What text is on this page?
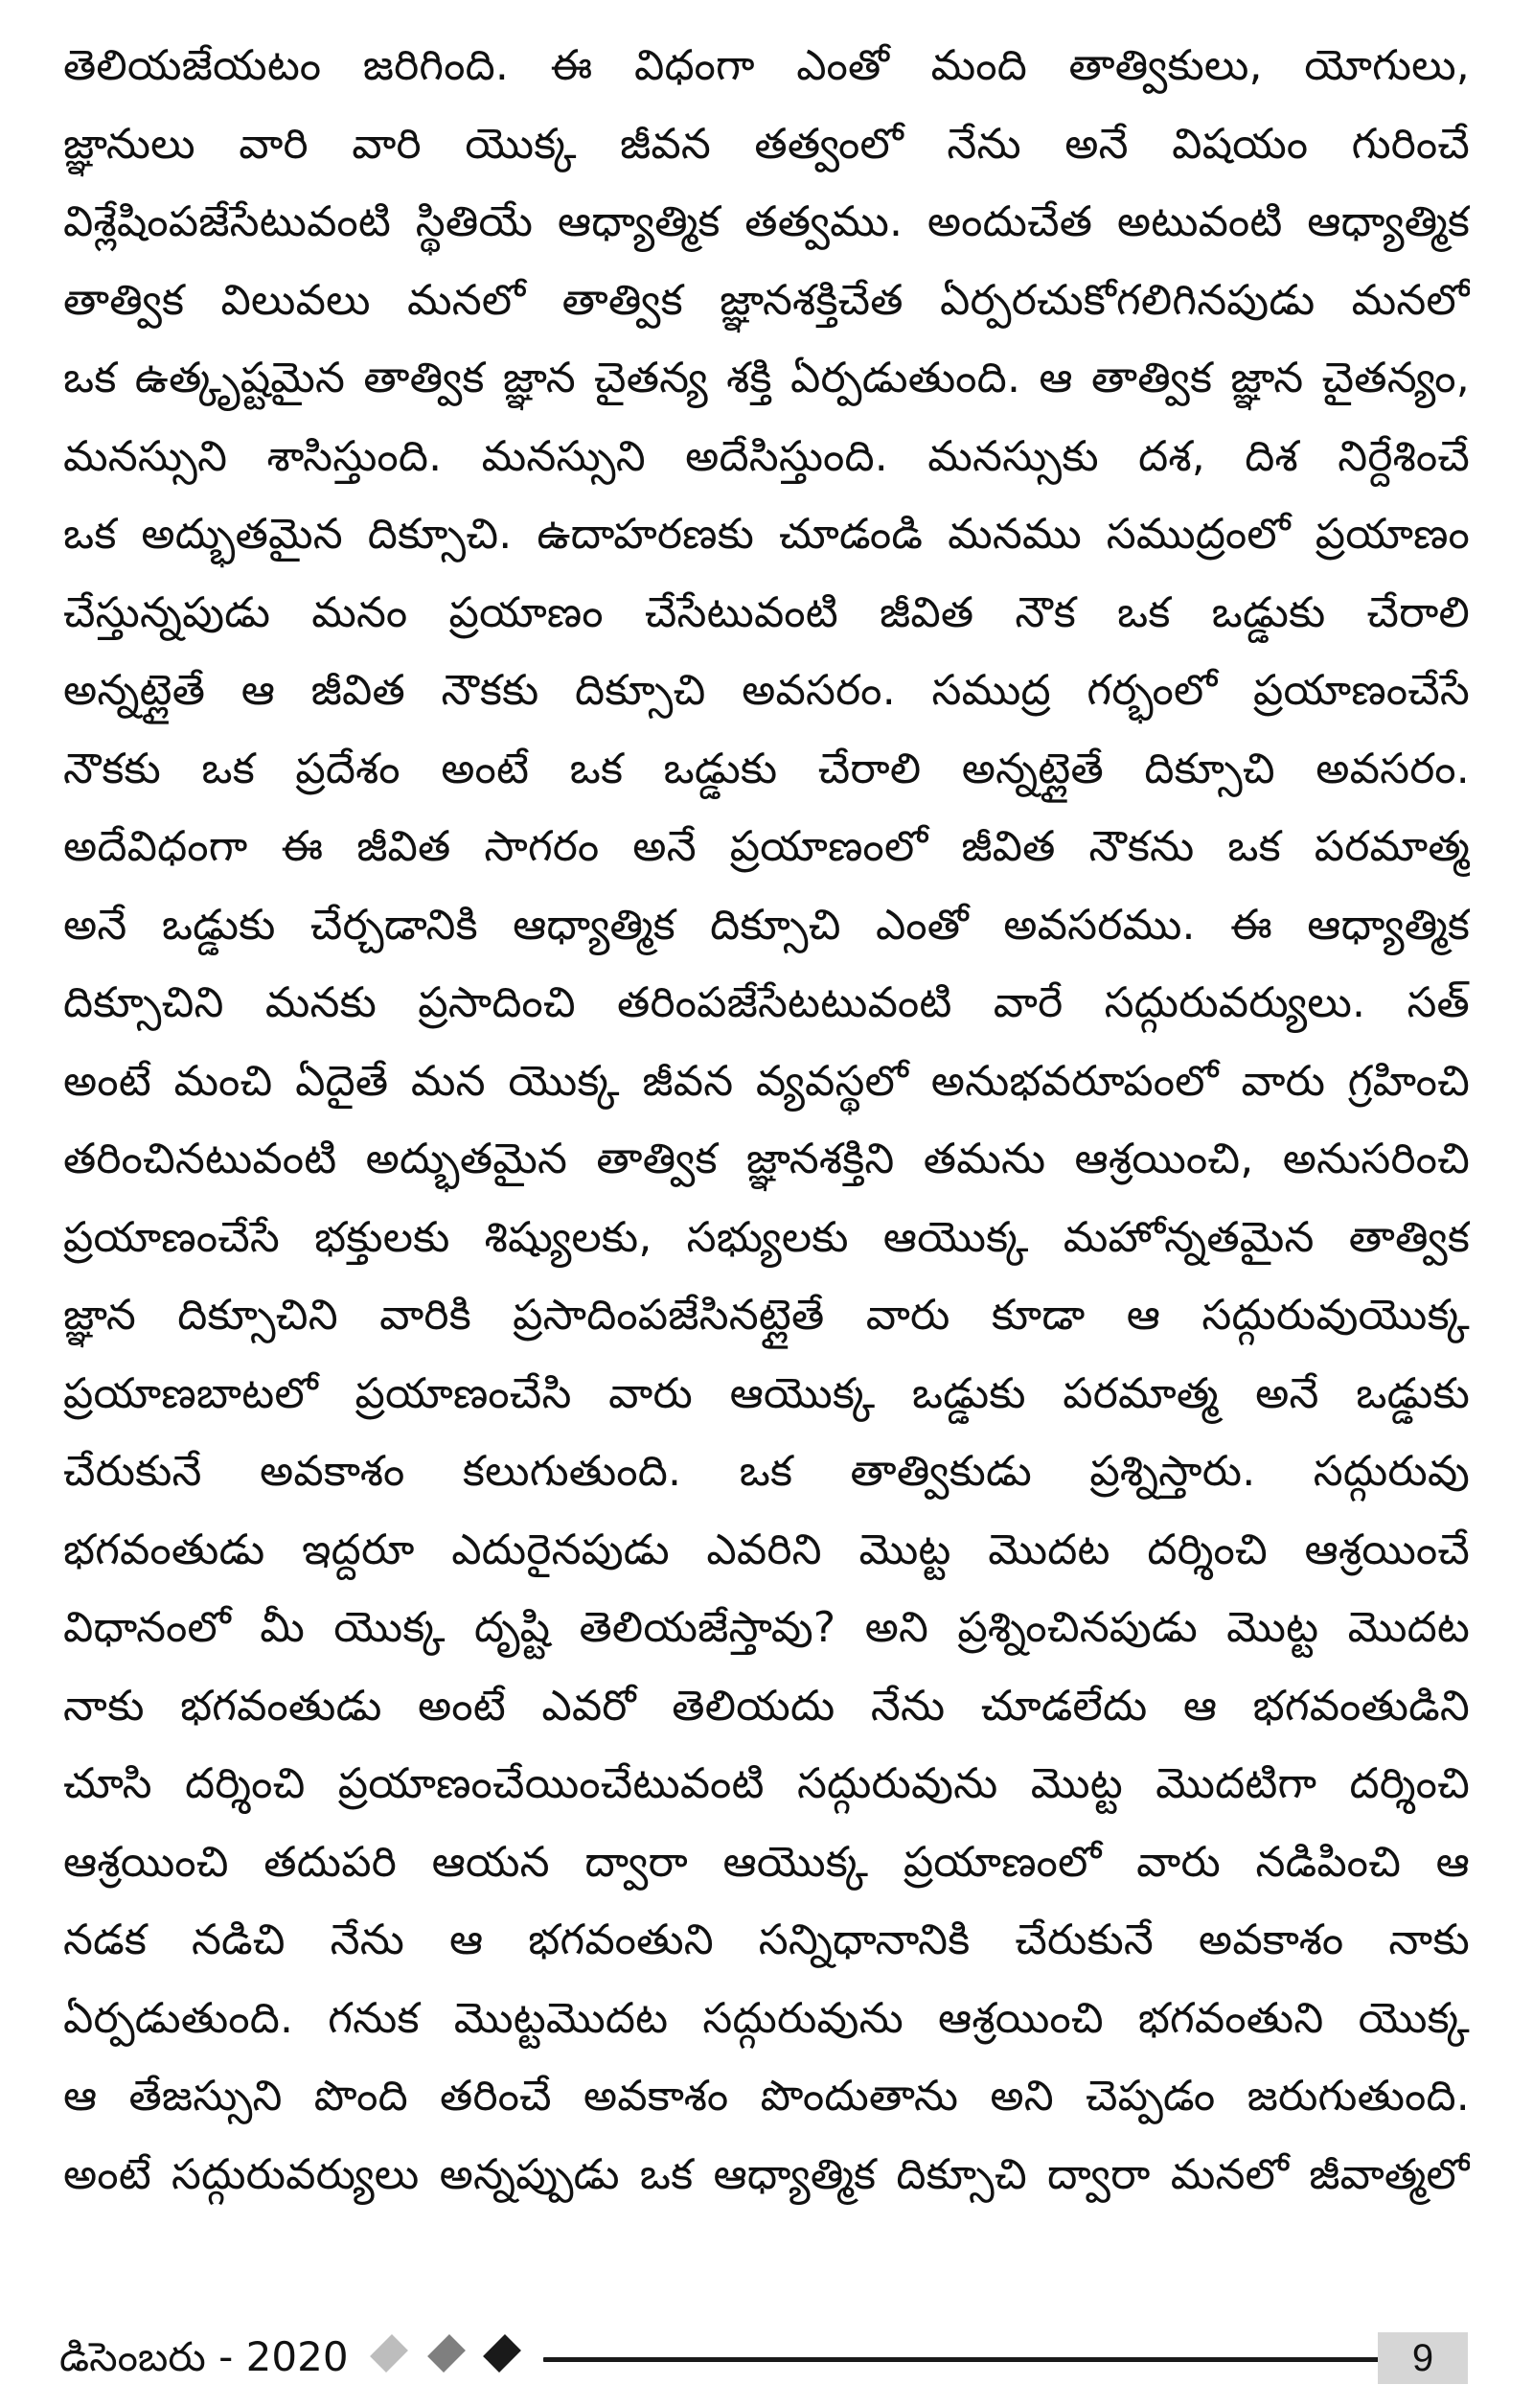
తెలియజేయటం జరిగింది. ఈ విధంగా ఎంతో మంది తాత్వికులు, యోగులు,
జ్ఞానులు వారి వారి యొక్క జీవన తత్వంలో నేను అనే విషయం గురించే
విశ్లేషింపజేసేటువంటి స్థితియే ఆధ్యాత్మిక తత్వము. అందుచేత అటువంటి ఆధ్యాత్మిక
తాత్విక విలువలు మనలో తాత్విక జ్ఞానశక్తిచేత ఏర్పరచుకోగలిగినపుడు మనలో
ఒక ఉత్కృష్టమైన తాత్విక జ్ఞాన చైతన్య శక్తి ఏర్పడుతుంది. ఆ తాత్విక జ్ఞాన చైతన్యం,
మనస్సుని శాసిస్తుంది. మనస్సుని అదేసిస్తుంది. మనస్సుకు దశ, దిశ నిర్దేశించే
ఒక అద్భుతమైన దిక్సూచి. ఉదాహరణకు చూడండి మనము సముద్రంలో ప్రయాణం
చేస్తున్నపుడు మనం ప్రయాణం చేసేటువంటి జీవిత నౌక ఒక ఒడ్డుకు చేరాలి
అన్నట్లైతే ఆ జీవిత నౌకకు దిక్సూచి అవసరం. సముద్ర గర్భంలో ప్రయాణంచేసే
నౌకకు ఒక ప్రదేశం అంటే ఒక ఒడ్డుకు చేరాలి అన్నట్లైతే దిక్సూచి అవసరం.
అదేవిధంగా ఈ జీవిత సాగరం అనే ప్రయాణంలో జీవిత నౌకను ఒక పరమాత్మ
అనే ఒడ్డుకు చేర్చడానికి ఆధ్యాత్మిక దిక్సూచి ఎంతో అవసరము. ఈ ఆధ్యాత్మిక
దిక్సూచిని మనకు ప్రసాదించి తరింపజేసేటటువంటి వారే సద్గురువర్యులు. సత్
అంటే మంచి ఏదైతే మన యొక్క జీవన వ్యవస్థలో అనుభవరూపంలో వారు గ్రహించి
తరించినటువంటి అద్భుతమైన తాత్విక జ్ఞానశక్తిని తమను ఆశ్రయించి, అనుసరించి
ప్రయాణంచేసే భక్తులకు శిష్యులకు, సభ్యులకు ఆయొక్క మహోన్నతమైన తాత్విక
జ్ఞాన దిక్సూచిని వారికి ప్రసాదింపజేసినట్లైతే వారు కూడా ఆ సద్గురువుయొక్క
ప్రయాణబాటలో ప్రయాణంచేసి వారు ఆయొక్క ఒడ్డుకు పరమాత్మ అనే ఒడ్డుకు
చేరుకునే అవకాశం కలుగుతుంది. ఒక తాత్వికుడు ప్రశ్నిస్తారు. సద్గురువు
భగవంతుడు ఇద్దరూ ఎదురైనపుడు ఎవరిని మొట్ట మొదట దర్శించి ఆశ్రయించే
విధానంలో మీ యొక్క దృష్టి తెలియజేస్తావు? అని ప్రశ్నించినపుడు మొట్ట మొదట
నాకు భగవంతుడు అంటే ఎవరో తెలియదు నేను చూడలేదు ఆ భగవంతుడిని
చూసి దర్శించి ప్రయాణంచేయించేటువంటి సద్గురువును మొట్ట మొదటిగా దర్శించి
ఆశ్రయించి తదుపరి ఆయన ద్వారా ఆయొక్క ప్రయాణంలో వారు నడిపించి ఆ
నడక నడిచి నేను ఆ భగవంతుని సన్నిధానానికి చేరుకునే అవకాశం నాకు
ఏర్పడుతుంది. గనుక మొట్టమొదట సద్గురువును ఆశ్రయించి భగవంతుని యొక్క
ఆ తేజస్సుని పొంది తరించే అవకాశం పొందుతాను అని చెప్పడం జరుగుతుంది.
అంటే సద్గురువర్యులు అన్నప్పుడు ఒక ఆధ్యాత్మిక దిక్సూచి ద్వారా మనలో జీవాత్మలో
డిసెంబరు - 2020	9
